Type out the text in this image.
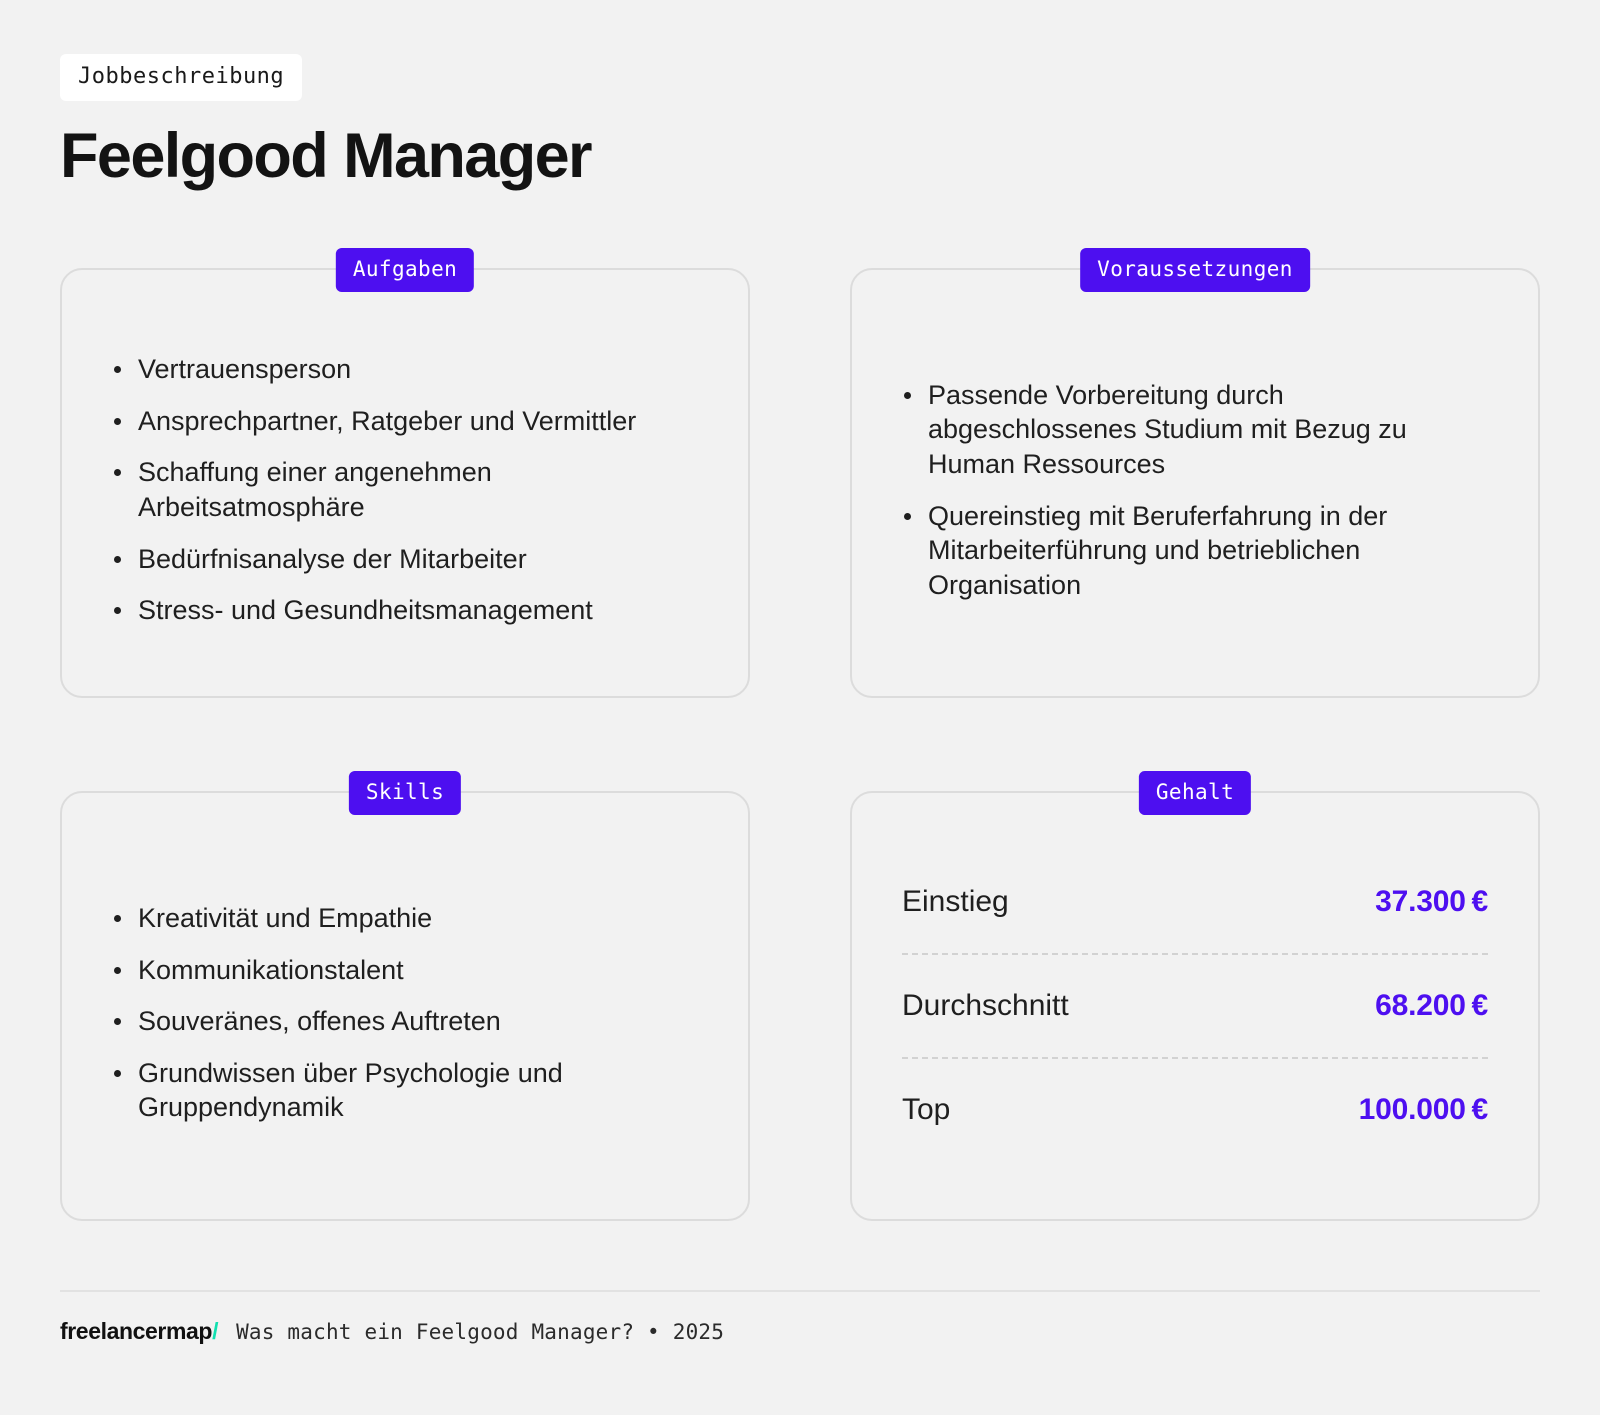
Jobbeschreibung
Feelgood Manager
Aufgaben
Vertrauensperson
Ansprechpartner, Ratgeber und Vermittler
Schaffung einer angenehmen Arbeitsatmosphäre
Bedürfnisanalyse der Mitarbeiter
Stress- und Gesundheitsmanagement
Voraussetzungen
Passende Vorbereitung durch abgeschlossenes Studium mit Bezug zu Human Ressources
Quereinstieg mit Beruferfahrung in der Mitarbeiterführung und betrieblichen Organisation
Skills
Kreativität und Empathie
Kommunikationstalent
Souveränes, offenes Auftreten
Grundwissen über Psychologie und Gruppendynamik
Gehalt
Einstieg	37.300 €
Durchschnitt	68.200 €
Top	100.000 €
freelancermap/ Was macht ein Feelgood Manager? • 2025
